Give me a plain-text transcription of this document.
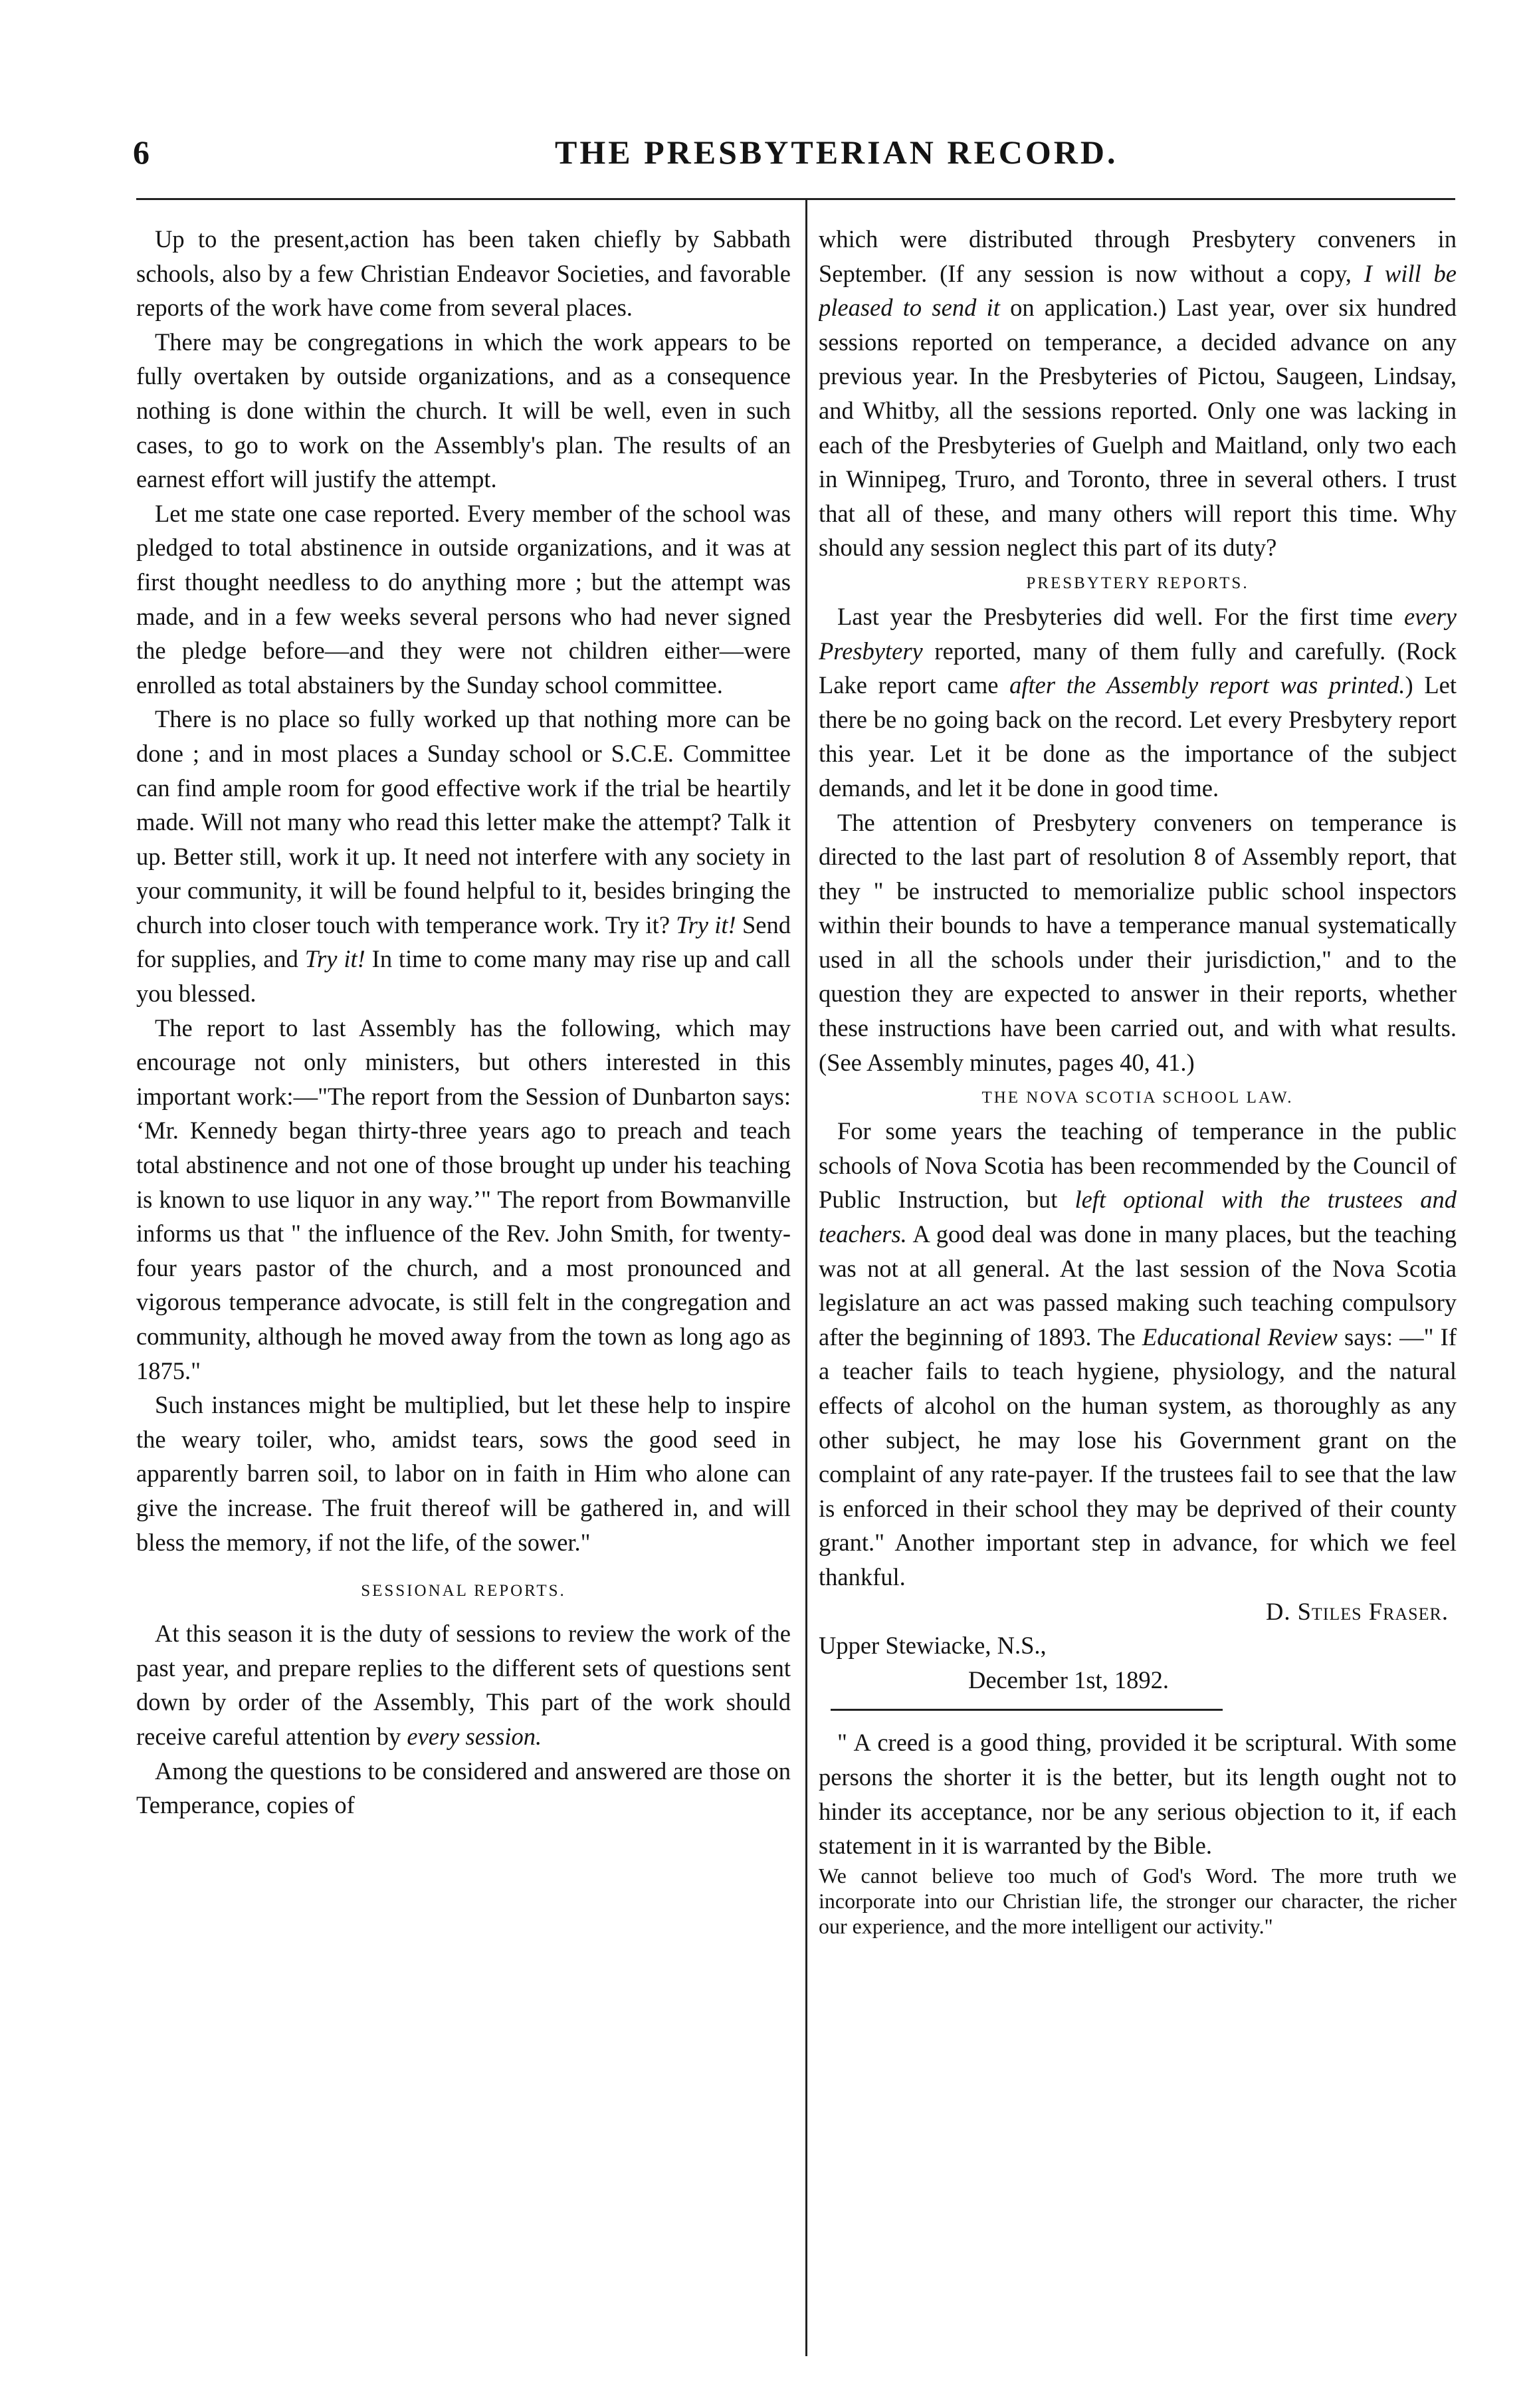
6	THE PRESBYTERIAN RECORD.

Up to the present,action has been taken chiefly by Sabbath schools, also by a few Christian Endeavor Societies, and favorable reports of the work have come from several places.

There may be congregations in which the work appears to be fully overtaken by outside organizations, and as a consequence nothing is done within the church. It will be well, even in such cases, to go to work on the Assembly's plan. The results of an earnest effort will justify the attempt.

Let me state one case reported. Every member of the school was pledged to total abstinence in outside organizations, and it was at first thought needless to do anything more ; but the attempt was made, and in a few weeks several persons who had never signed the pledge before—and they were not children either—were enrolled as total abstainers by the Sunday school committee.

There is no place so fully worked up that nothing more can be done ; and in most places a Sunday school or S.C.E. Committee can find ample room for good effective work if the trial be heartily made. Will not many who read this letter make the attempt? Talk it up. Better still, work it up. It need not interfere with any society in your community, it will be found helpful to it, besides bringing the church into closer touch with temperance work. Try it? Try it! Send for supplies, and Try it! In time to come many may rise up and call you blessed.

The report to last Assembly has the following, which may encourage not only ministers, but others interested in this important work:—"The report from the Session of Dunbarton says: ‘Mr. Kennedy began thirty-three years ago to preach and teach total abstinence and not one of those brought up under his teaching is known to use liquor in any way.’" The report from Bowmanville informs us that " the influence of the Rev. John Smith, for twenty-four years pastor of the church, and a most pronounced and vigorous temperance advocate, is still felt in the congregation and community, although he moved away from the town as long ago as 1875."

Such instances might be multiplied, but let these help to inspire the weary toiler, who, amidst tears, sows the good seed in apparently barren soil, to labor on in faith in Him who alone can give the increase. The fruit thereof will be gathered in, and will bless the memory, if not the life, of the sower."

SESSIONAL REPORTS.

At this season it is the duty of sessions to review the work of the past year, and prepare replies to the different sets of questions sent down by order of the Assembly, This part of the work should receive careful attention by every session.

Among the questions to be considered and answered are those on Temperance, copies of

which were distributed through Presbytery conveners in September. (If any session is now without a copy, I will be pleased to send it on application.) Last year, over six hundred sessions reported on temperance, a decided advance on any previous year. In the Presbyteries of Pictou, Saugeen, Lindsay, and Whitby, all the sessions reported. Only one was lacking in each of the Presbyteries of Guelph and Maitland, only two each in Winnipeg, Truro, and Toronto, three in several others. I trust that all of these, and many others will report this time. Why should any session neglect this part of its duty?

PRESBYTERY REPORTS.

Last year the Presbyteries did well. For the first time every Presbytery reported, many of them fully and carefully. (Rock Lake report came after the Assembly report was printed.) Let there be no going back on the record. Let every Presbytery report this year. Let it be done as the importance of the subject demands, and let it be done in good time.

The attention of Presbytery conveners on temperance is directed to the last part of resolution 8 of Assembly report, that they " be instructed to memorialize public school inspectors within their bounds to have a temperance manual systematically used in all the schools under their jurisdiction," and to the question they are expected to answer in their reports, whether these instructions have been carried out, and with what results. (See Assembly minutes, pages 40, 41.)

THE NOVA SCOTIA SCHOOL LAW.

For some years the teaching of temperance in the public schools of Nova Scotia has been recommended by the Council of Public Instruction, but left optional with the trustees and teachers. A good deal was done in many places, but the teaching was not at all general. At the last session of the Nova Scotia legislature an act was passed making such teaching compulsory after the beginning of 1893. The Educational Review says: —" If a teacher fails to teach hygiene, physiology, and the natural effects of alcohol on the human system, as thoroughly as any other subject, he may lose his Government grant on the complaint of any rate-payer. If the trustees fail to see that the law is enforced in their school they may be deprived of their county grant." Another important step in advance, for which we feel thankful.

D. Stiles Fraser.

Upper Stewiacke, N.S.,

December 1st, 1892.

" A creed is a good thing, provided it be scriptural. With some persons the shorter it is the better, but its length ought not to hinder its acceptance, nor be any serious objection to it, if each statement in it is warranted by the Bible.

We cannot believe too much of God's Word. The more truth we incorporate into our Christian life, the stronger our character, the richer our experience, and the more intelligent our activity."
